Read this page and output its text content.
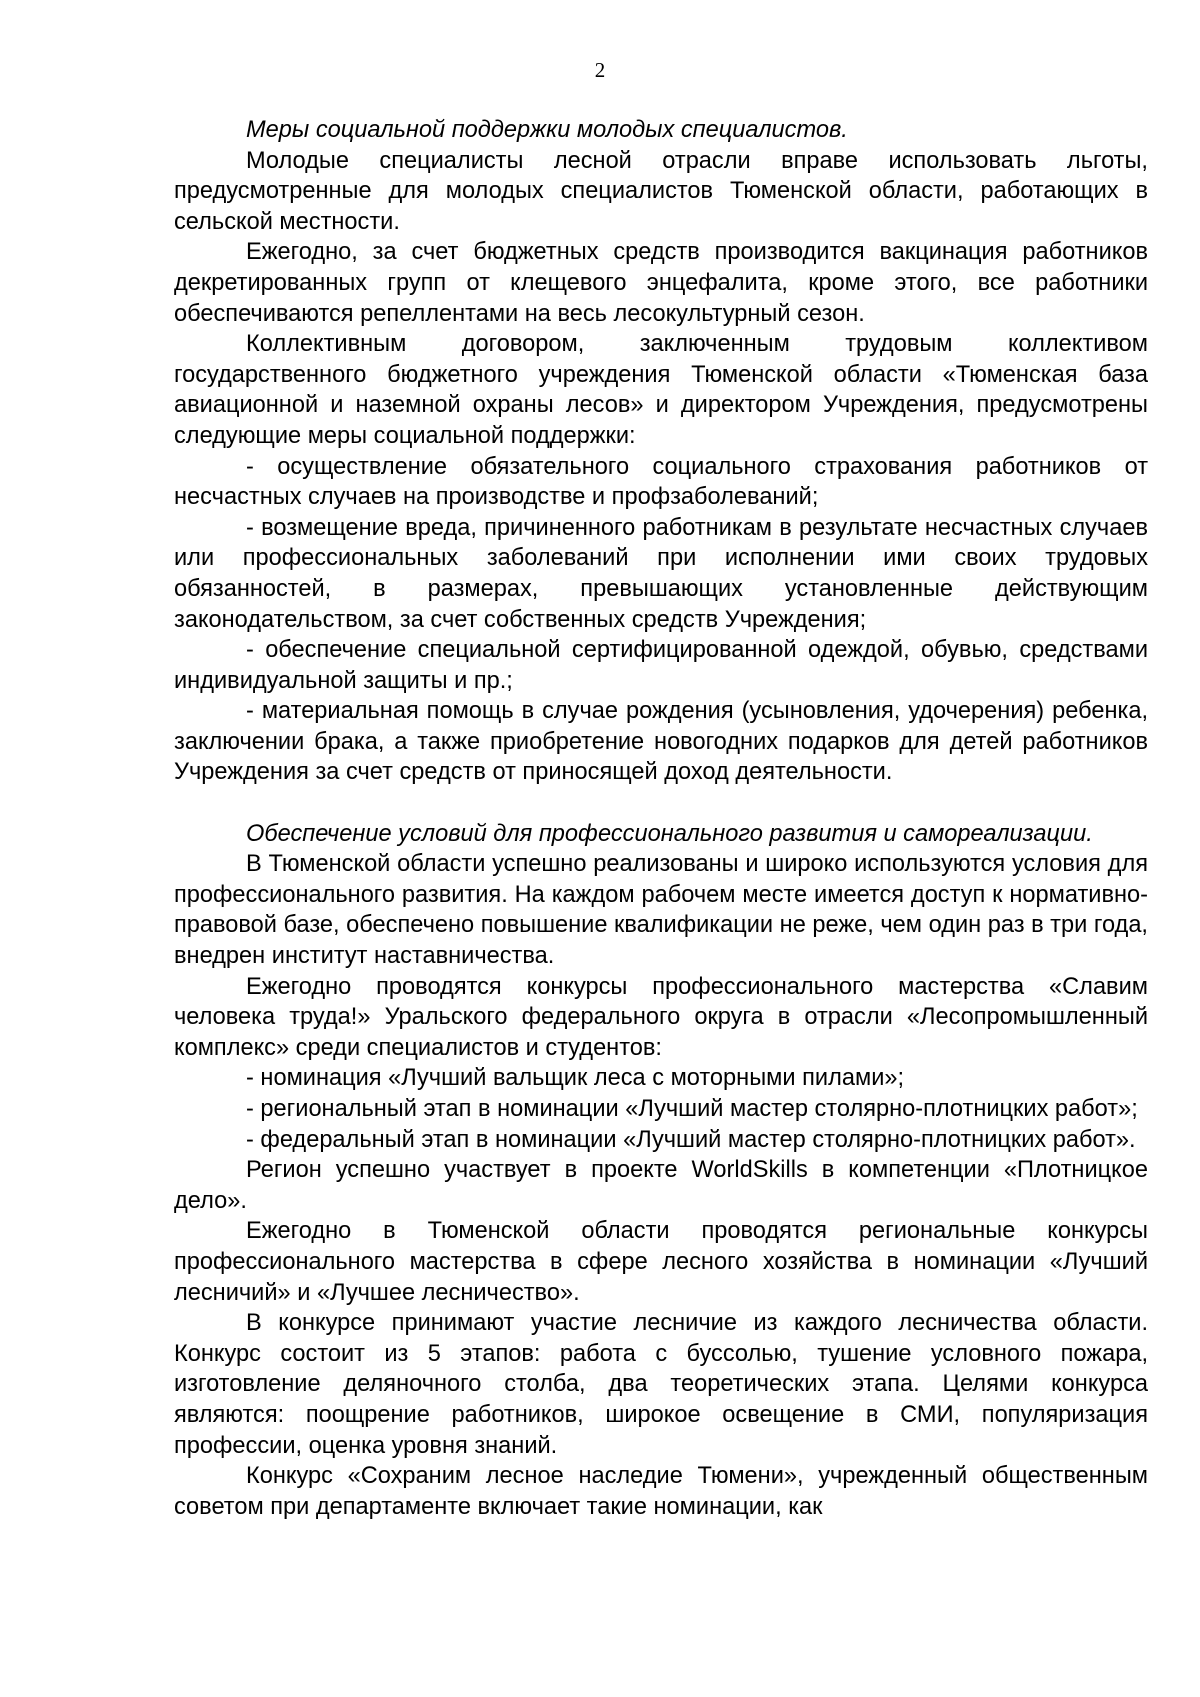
2

Меры социальной поддержки молодых специалистов.

Молодые специалисты лесной отрасли вправе использовать льготы, предусмотренные для молодых специалистов Тюменской области, работающих в сельской местности.

Ежегодно, за счет бюджетных средств производится вакцинация работников декретированных групп от клещевого энцефалита, кроме этого, все работники обеспечиваются репеллентами на весь лесокультурный сезон.

Коллективным договором, заключенным трудовым коллективом государственного бюджетного учреждения Тюменской области «Тюменская база авиационной и наземной охраны лесов» и директором Учреждения, предусмотрены следующие меры социальной поддержки:

- осуществление обязательного социального страхования работников от несчастных случаев на производстве и профзаболеваний;

- возмещение вреда, причиненного работникам в результате несчастных случаев или профессиональных заболеваний при исполнении ими своих трудовых обязанностей, в размерах, превышающих установленные действующим законодательством, за счет собственных средств Учреждения;

- обеспечение специальной сертифицированной одеждой, обувью, средствами индивидуальной защиты и пр.;

- материальная помощь в случае рождения (усыновления, удочерения) ребенка, заключении брака, а также приобретение новогодних подарков для детей работников Учреждения за счет средств от приносящей доход деятельности.

Обеспечение условий для профессионального развития и самореализации.

В Тюменской области успешно реализованы и широко используются условия для профессионального развития. На каждом рабочем месте имеется доступ к нормативно-правовой базе, обеспечено повышение квалификации не реже, чем один раз в три года, внедрен институт наставничества.

Ежегодно проводятся конкурсы профессионального мастерства «Славим человека труда!» Уральского федерального округа в отрасли «Лесопромышленный комплекс» среди специалистов и студентов:

- номинация «Лучший вальщик леса с моторными пилами»;

- региональный этап в номинации «Лучший мастер столярно-плотницких работ»;

- федеральный этап в номинации «Лучший мастер столярно-плотницких работ».

Регион успешно участвует в проекте WorldSkills в компетенции «Плотницкое дело».

Ежегодно в Тюменской области проводятся региональные конкурсы профессионального мастерства в сфере лесного хозяйства в номинации «Лучший лесничий» и «Лучшее лесничество».

В конкурсе принимают участие лесничие из каждого лесничества области. Конкурс состоит из 5 этапов: работа с буссолью, тушение условного пожара, изготовление деляночного столба, два теоретических этапа. Целями конкурса являются: поощрение работников, широкое освещение в СМИ, популяризация профессии, оценка уровня знаний.

Конкурс «Сохраним лесное наследие Тюмени», учрежденный общественным советом при департаменте включает такие номинации, как
